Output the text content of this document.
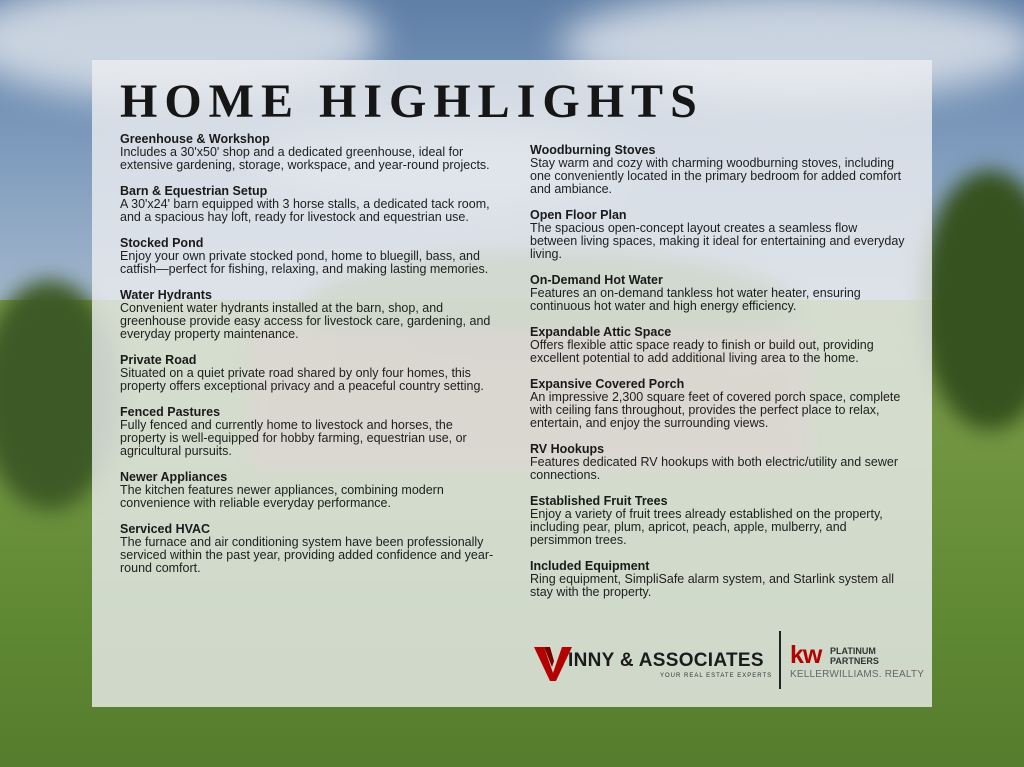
HOME HIGHLIGHTS
Greenhouse & Workshop
Includes a 30'x50' shop and a dedicated greenhouse, ideal for extensive gardening, storage, workspace, and year-round projects.
Barn & Equestrian Setup
A 30'x24' barn equipped with 3 horse stalls, a dedicated tack room, and a spacious hay loft, ready for livestock and equestrian use.
Stocked Pond
Enjoy your own private stocked pond, home to bluegill, bass, and catfish—perfect for fishing, relaxing, and making lasting memories.
Water Hydrants
Convenient water hydrants installed at the barn, shop, and greenhouse provide easy access for livestock care, gardening, and everyday property maintenance.
Private Road
Situated on a quiet private road shared by only four homes, this property offers exceptional privacy and a peaceful country setting.
Fenced Pastures
Fully fenced and currently home to livestock and horses, the property is well-equipped for hobby farming, equestrian use, or agricultural pursuits.
Newer Appliances
The kitchen features newer appliances, combining modern convenience with reliable everyday performance.
Serviced HVAC
The furnace and air conditioning system have been professionally serviced within the past year, providing added confidence and year-round comfort.
Woodburning Stoves
Stay warm and cozy with charming woodburning stoves, including one conveniently located in the primary bedroom for added comfort and ambiance.
Open Floor Plan
The spacious open-concept layout creates a seamless flow between living spaces, making it ideal for entertaining and everyday living.
On-Demand Hot Water
Features an on-demand tankless hot water heater, ensuring continuous hot water and high energy efficiency.
Expandable Attic Space
Offers flexible attic space ready to finish or build out, providing excellent potential to add additional living area to the home.
Expansive Covered Porch
An impressive 2,300 square feet of covered porch space, complete with ceiling fans throughout, provides the perfect place to relax, entertain, and enjoy the surrounding views.
RV Hookups
Features dedicated RV hookups with both electric/utility and sewer connections.
Established Fruit Trees
Enjoy a variety of fruit trees already established on the property, including pear, plum, apricot, peach, apple, mulberry, and persimmon trees.
Included Equipment
Ring equipment, SimpliSafe alarm system, and Starlink system all stay with the property.
INNY & ASSOCIATES
YOUR REAL ESTATE EXPERTS
kw PLATINUM
PARTNERS
KELLERWILLIAMS. REALTY
